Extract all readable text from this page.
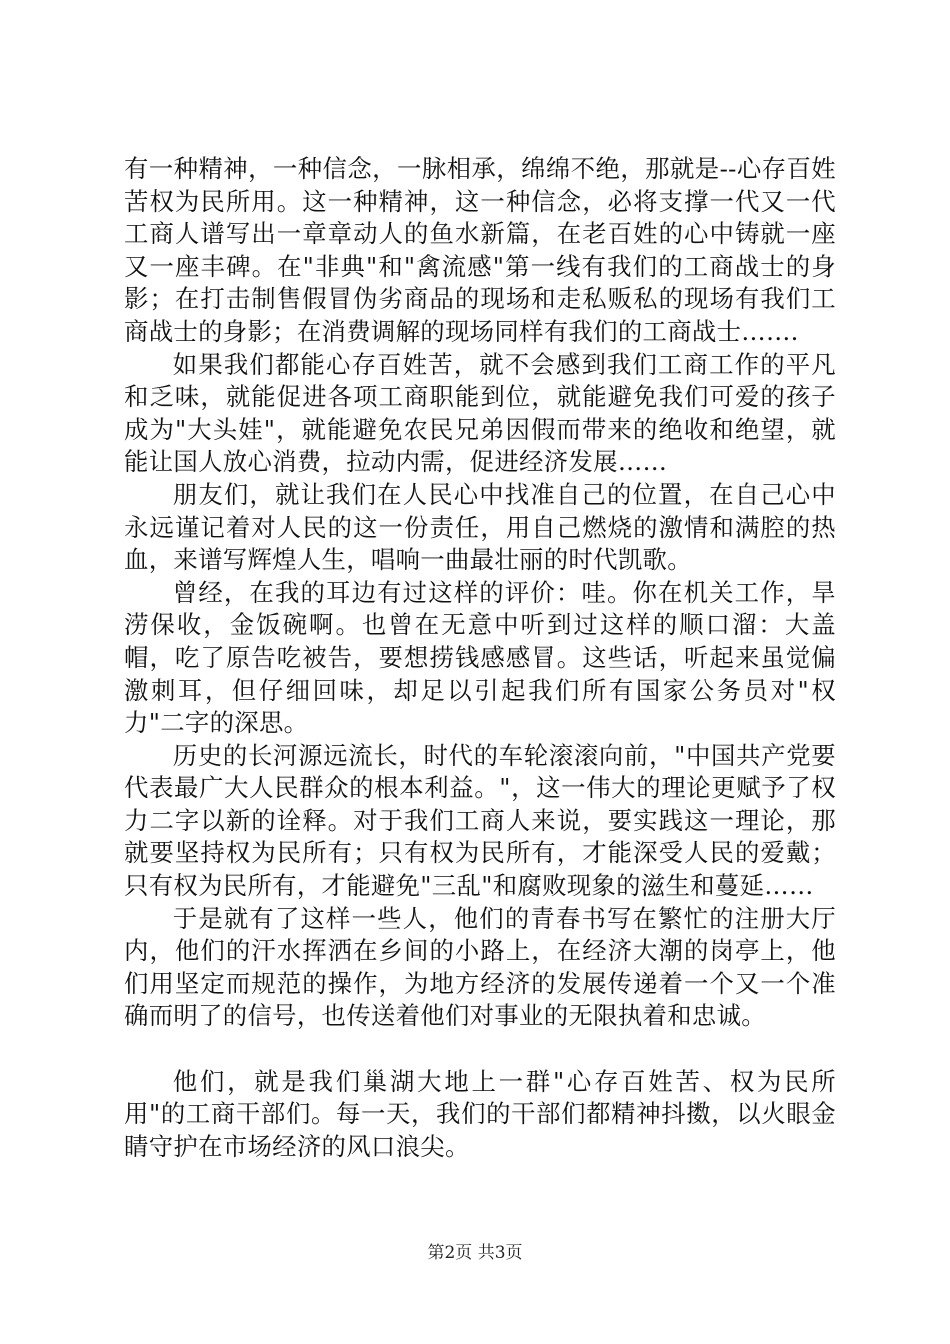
有一种精神，一种信念，一脉相承，绵绵不绝，那就是--心存百姓苦权为民所用。这一种精神，这一种信念，必将支撑一代又一代工商人谱写出一章章动人的鱼水新篇，在老百姓的心中铸就一座又一座丰碑。在"非典"和"禽流感"第一线有我们的工商战士的身影；在打击制售假冒伪劣商品的现场和走私贩私的现场有我们工商战士的身影；在消费调解的现场同样有我们的工商战士…….

如果我们都能心存百姓苦，就不会感到我们工商工作的平凡和乏味，就能促进各项工商职能到位，就能避免我们可爱的孩子成为"大头娃"，就能避免农民兄弟因假而带来的绝收和绝望，就能让国人放心消费，拉动内需，促进经济发展……

朋友们，就让我们在人民心中找准自己的位置，在自己心中永远谨记着对人民的这一份责任，用自己燃烧的激情和满腔的热血，来谱写辉煌人生，唱响一曲最壮丽的时代凯歌。

曾经，在我的耳边有过这样的评价：哇。你在机关工作，旱涝保收，金饭碗啊。也曾在无意中听到过这样的顺口溜：大盖帽，吃了原告吃被告，要想捞钱感感冒。这些话，听起来虽觉偏激刺耳，但仔细回味，却足以引起我们所有国家公务员对"权力"二字的深思。

历史的长河源远流长，时代的车轮滚滚向前，"中国共产党要代表最广大人民群众的根本利益。"，这一伟大的理论更赋予了权力二字以新的诠释。对于我们工商人来说，要实践这一理论，那就要坚持权为民所有；只有权为民所有，才能深受人民的爱戴；只有权为民所有，才能避免"三乱"和腐败现象的滋生和蔓延……

于是就有了这样一些人，他们的青春书写在繁忙的注册大厅内，他们的汗水挥洒在乡间的小路上，在经济大潮的岗亭上，他们用坚定而规范的操作，为地方经济的发展传递着一个又一个准确而明了的信号，也传送着他们对事业的无限执着和忠诚。

他们，就是我们巢湖大地上一群"心存百姓苦、权为民所用"的工商干部们。每一天，我们的干部们都精神抖擞，以火眼金睛守护在市场经济的风口浪尖。

第2页 共3页
